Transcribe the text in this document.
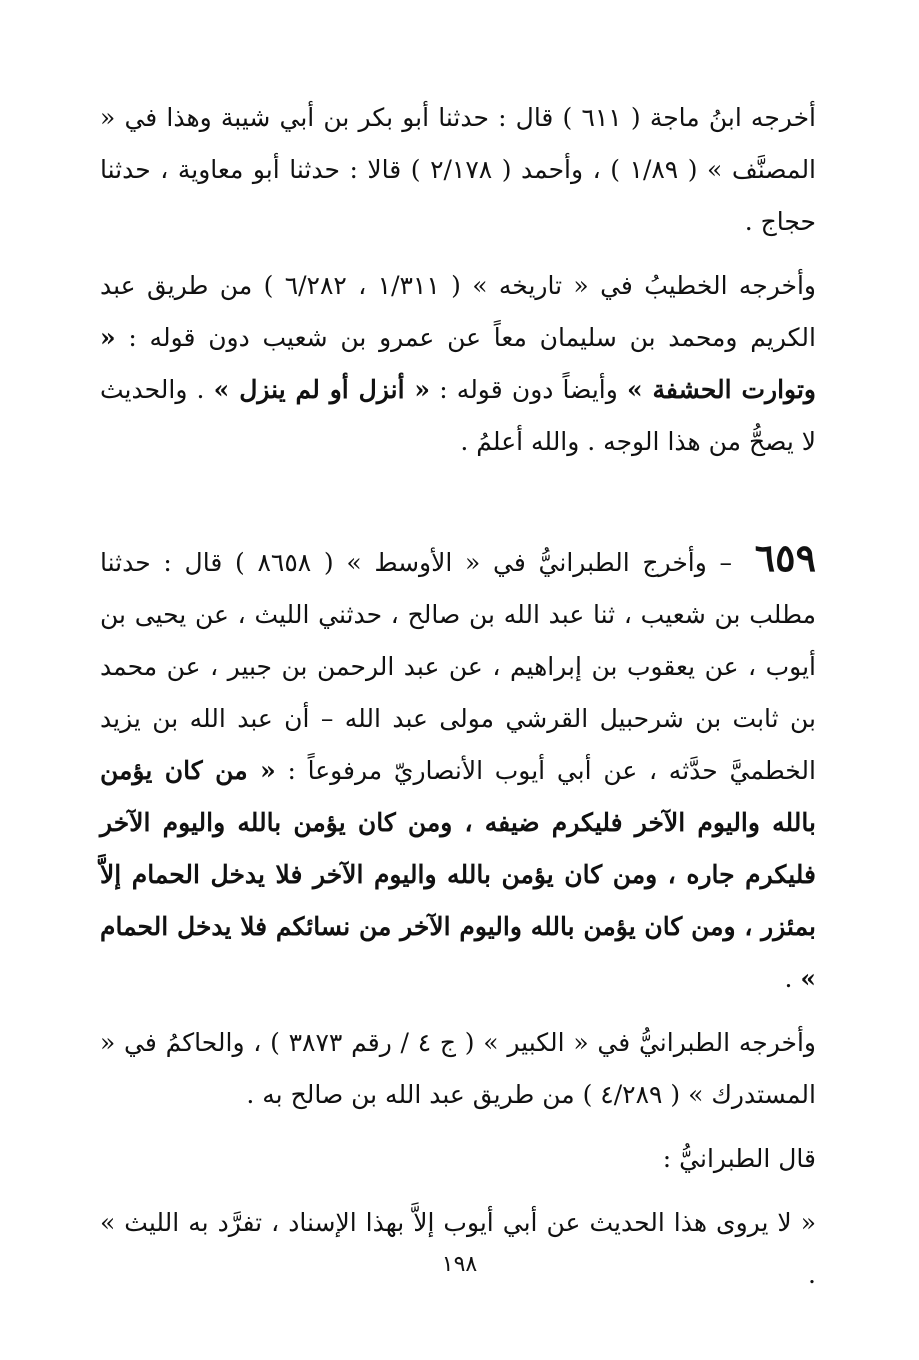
أخرجه ابنُ ماجة ( ٦١١ ) قال : حدثنا أبو بكر بن أبي شيبة وهذا في « المصنَّف » ( ١/٨٩ ) ، وأحمد ( ٢/١٧٨ ) قالا : حدثنا أبو معاوية ، حدثنا حجاج .

وأخرجه الخطيبُ في « تاريخه » ( ١/٣١١ ، ٦/٢٨٢ ) من طريق عبد الكريم ومحمد بن سليمان معاً عن عمرو بن شعيب دون قوله : « وتوارت الحشفة » وأيضاً دون قوله : « أنزل أو لم ينزل » . والحديث لا يصحُّ من هذا الوجه . والله أعلمُ .

٦٥٩ – وأخرج الطبرانيُّ في « الأوسط » ( ٨٦٥٨ ) قال : حدثنا مطلب بن شعيب ، ثنا عبد الله بن صالح ، حدثني الليث ، عن يحيى بن أيوب ، عن يعقوب بن إبراهيم ، عن عبد الرحمن بن جبير ، عن محمد بن ثابت بن شرحبيل القرشي مولى عبد الله – أن عبد الله بن يزيد الخطميَّ حدَّثه ، عن أبي أيوب الأنصاريّ مرفوعاً : « من كان يؤمن بالله واليوم الآخر فليكرم ضيفه ، ومن كان يؤمن بالله واليوم الآخر فليكرم جاره ، ومن كان يؤمن بالله واليوم الآخر فلا يدخل الحمام إلاَّ بمئزر ، ومن كان يؤمن بالله واليوم الآخر من نسائكم فلا يدخل الحمام » .

وأخرجه الطبرانيُّ في « الكبير » ( ج ٤ / رقم ٣٨٧٣ ) ، والحاكمُ في « المستدرك » ( ٤/٢٨٩ ) من طريق عبد الله بن صالح به .

قال الطبرانيُّ :

« لا يروى هذا الحديث عن أبي أيوب إلاَّ بهذا الإسناد ، تفرَّد به الليث » .

١٩٨
